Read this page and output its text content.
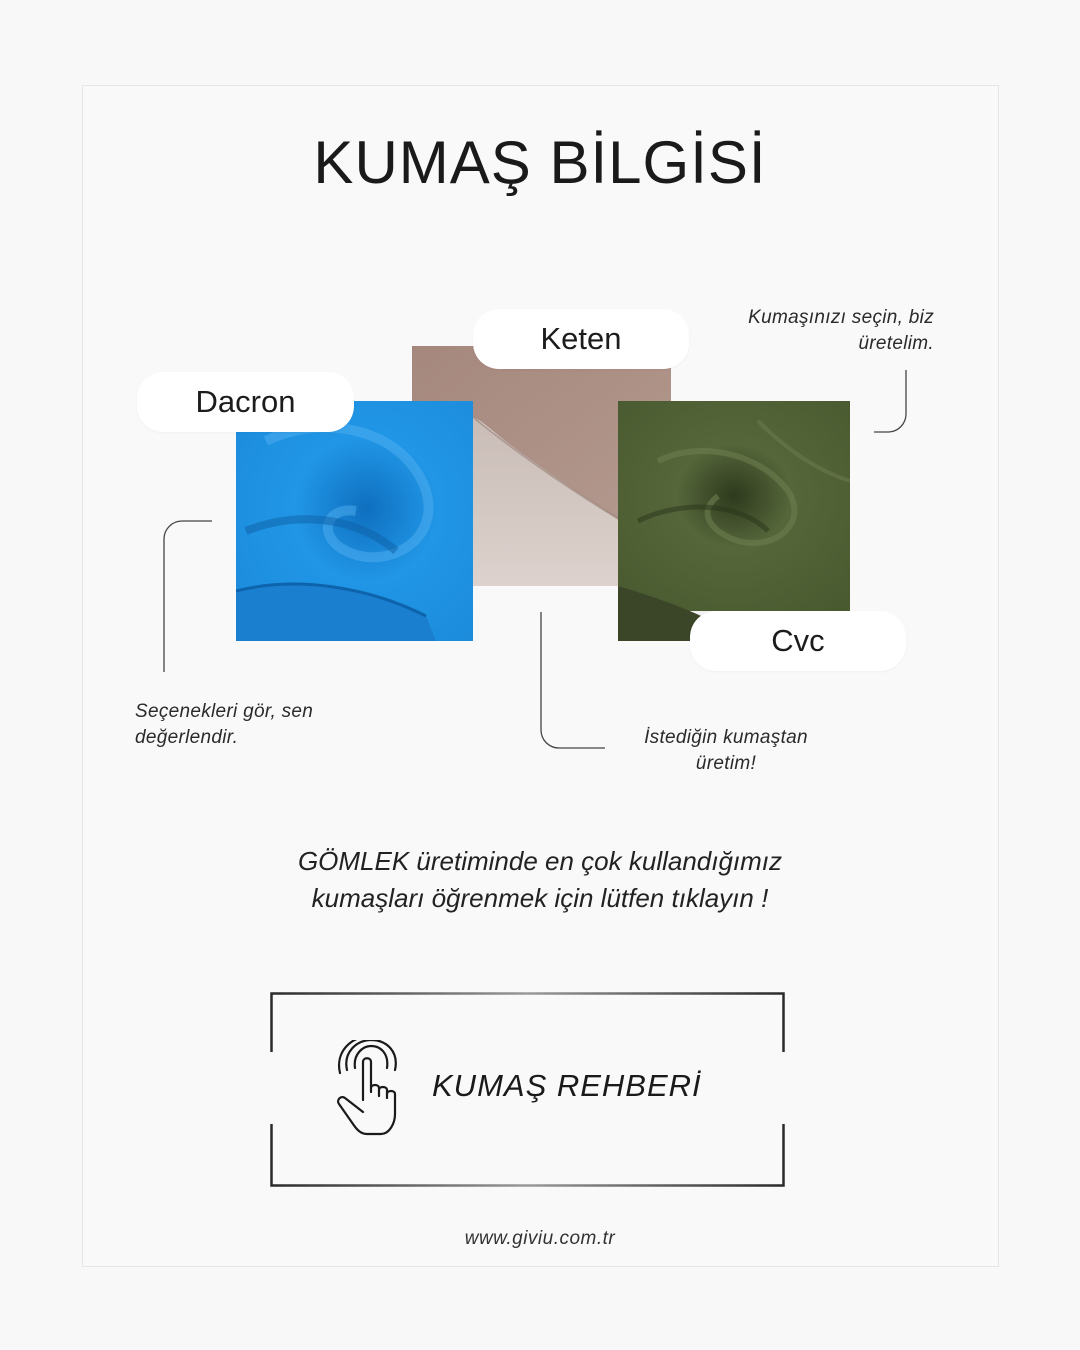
KUMAŞ BİLGİSİ
Dacron
Keten
Cvc
Kumaşınızı seçin, biz üretelim.
Seçenekleri gör, sen değerlendir.	İstediğin kumaştan üretim!
GÖMLEK üretiminde en çok kullandığımız
kumaşları öğrenmek için lütfen tıklayın !
KUMAŞ REHBERİ
www.giviu.com.tr
